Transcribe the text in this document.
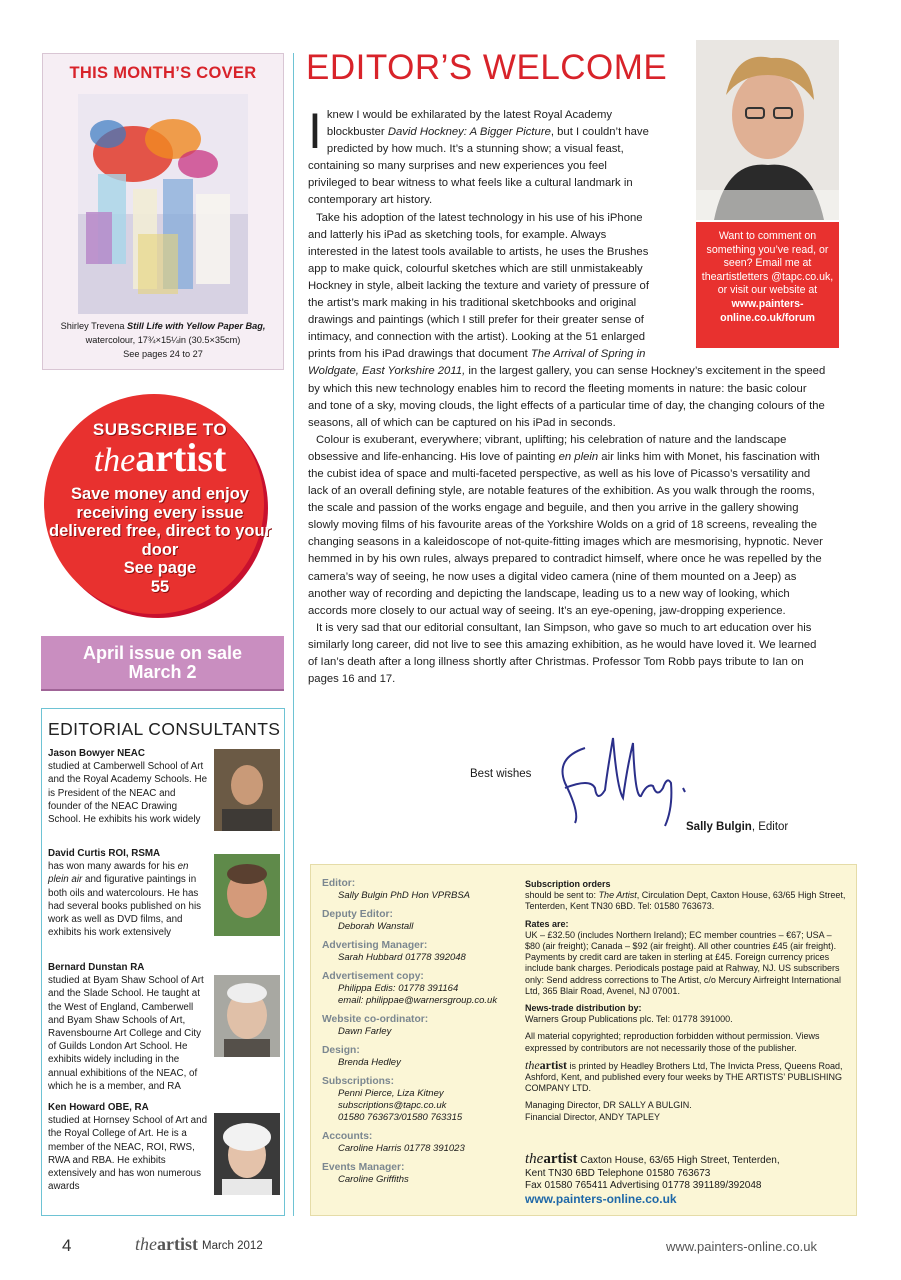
THIS MONTH’S COVER
Shirley Trevena Still Life with Yellow Paper Bag,
watercolour, 17¾×15¼in (30.5×35cm)
See pages 24 to 27
SUBSCRIBE TO
theartist
Save money and enjoy receiving every issue delivered free, direct to your door
See page
55
April issue on sale
March 2
EDITORIAL CONSULTANTS
Jason Bowyer NEAC
studied at Camberwell School of Art and the Royal Academy Schools. He is President of the NEAC and founder of the NEAC Drawing School. He exhibits his work widely
David Curtis ROI, RSMA
has won many awards for his en plein air and figurative paintings in both oils and watercolours. He has had several books published on his work as well as DVD films, and exhibits his work extensively
Bernard Dunstan RA
studied at Byam Shaw School of Art and the Slade School. He taught at the West of England, Camberwell and Byam Shaw Schools of Art, Ravensbourne Art College and City of Guilds London Art School. He exhibits widely including in the annual exhibitions of the NEAC, of which he is a member, and RA
Ken Howard OBE, RA
studied at Hornsey School of Art and the Royal College of Art. He is a member of the NEAC, ROI, RWS, RWA and RBA. He exhibits extensively and has won numerous awards
EDITOR’S WELCOME
Want to comment on something you’ve read, or seen? Email me at theartistletters @tapc.co.uk, or visit our website at
www.painters-online.co.uk/forum
I knew I would be exhilarated by the latest Royal Academy blockbuster David Hockney: A Bigger Picture, but I couldn’t have predicted by how much. It’s a stunning show; a visual feast, containing so many surprises and new experiences you feel privileged to bear witness to what feels like a cultural landmark in contemporary art history.

Take his adoption of the latest technology in his use of his iPhone and latterly his iPad as sketching tools, for example. Always interested in the latest tools available to artists, he uses the Brushes app to make quick, colourful sketches which are still unmistakeably Hockney in style, albeit lacking the texture and variety of pressure of the artist’s mark making in his traditional sketchbooks and original drawings and paintings (which I still prefer for their greater sense of intimacy, and connection with the artist). Looking at the 51 enlarged prints from his iPad drawings that document The Arrival of Spring in Woldgate, East Yorkshire 2011, in the largest gallery, you can sense Hockney’s excitement in the speed by which this new technology enables him to record the fleeting moments in nature: the basic colour and tone of a sky, moving clouds, the light effects of a particular time of day, the changing colours of the seasons, all of which can be captured on his iPad in seconds.

Colour is exuberant, everywhere; vibrant, uplifting; his celebration of nature and the landscape obsessive and life-enhancing. His love of painting en plein air links him with Monet, his fascination with the cubist idea of space and multi-faceted perspective, as well as his love of Picasso’s versatility and lack of an overall defining style, are notable features of the exhibition. As you walk through the rooms, the scale and passion of the works engage and beguile, and then you arrive in the gallery showing slowly moving films of his favourite areas of the Yorkshire Wolds on a grid of 18 screens, revealing the changing seasons in a kaleidoscope of not-quite-fitting images which are mesmorising, hypnotic. Never hemmed in by his own rules, always prepared to contradict himself, where once he was repelled by the camera’s way of seeing, he now uses a digital video camera (nine of them mounted on a Jeep) as another way of recording and depicting the landscape, leading us to a new way of looking, which accords more closely to our actual way of seeing. It’s an eye-opening, jaw-dropping experience.

It is very sad that our editorial consultant, Ian Simpson, who gave so much to art education over his similarly long career, did not live to see this amazing exhibition, as he would have loved it. We learned of Ian’s death after a long illness shortly after Christmas. Professor Tom Robb pays tribute to Ian on pages 16 and 17.

Best wishes
Sally Bulgin, Editor
Editor:
Sally Bulgin PhD Hon VPRBSA
Deputy Editor:
Deborah Wanstall
Advertising Manager:
Sarah Hubbard 01778 392048
Advertisement copy:
Philippa Edis: 01778 391164
email: philippae@warnersgroup.co.uk
Website co-ordinator:
Dawn Farley
Design:
Brenda Hedley
Subscriptions:
Penni Pierce, Liza Kitney
subscriptions@tapc.co.uk
01580 763673/01580 763315
Accounts:
Caroline Harris 01778 391023
Events Manager:
Caroline Griffiths

Subscription orders
should be sent to: The Artist, Circulation Dept, Caxton House, 63/65 High Street, Tenterden, Kent TN30 6BD. Tel: 01580 763673.

Rates are:
UK – £32.50 (includes Northern Ireland); EC member countries – €67; USA – $80 (air freight); Canada – $92 (air freight). All other countries £45 (air freight). Payments by credit card are taken in sterling at £45. Foreign currency prices include bank charges. Periodicals postage paid at Rahway, NJ. US subscribers only: Send address corrections to The Artist, c/o Mercury Airfreight International Ltd, 365 Blair Road, Avenel, NJ 07001.

News-trade distribution by:
Warners Group Publications plc. Tel: 01778 391000.

All material copyrighted; reproduction forbidden without permission. Views expressed by contributors are not necessarily those of the publisher.

theartist is printed by Headley Brothers Ltd, The Invicta Press, Queens Road, Ashford, Kent, and published every four weeks by THE ARTISTS’ PUBLISHING COMPANY LTD.

Managing Director, DR SALLY A BULGIN.
Financial Director, ANDY TAPLEY

theartist Caxton House, 63/65 High Street, Tenterden,
Kent TN30 6BD Telephone 01580 763673
Fax 01580 765411 Advertising 01778 391189/392048
www.painters-online.co.uk
4	theartist March 2012	www.painters-online.co.uk
